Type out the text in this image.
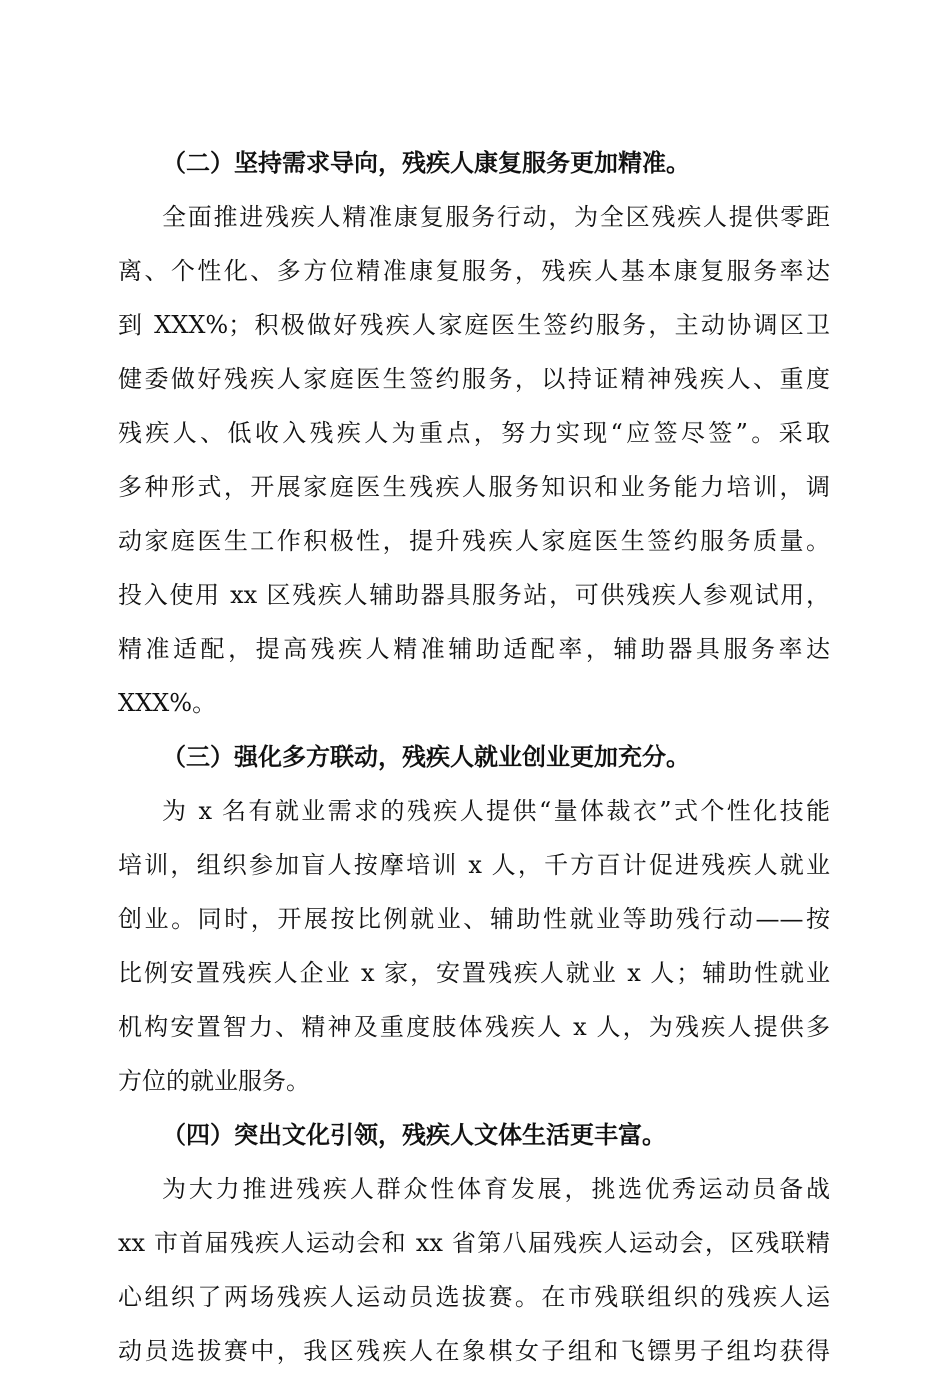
（二）坚持需求导向，残疾人康复服务更加精准。
全面推进残疾人精准康复服务行动，为全区残疾人提供零距
离、个性化、多方位精准康复服务，残疾人基本康复服务率达
到 XXX%；积极做好残疾人家庭医生签约服务，主动协调区卫
健委做好残疾人家庭医生签约服务，以持证精神残疾人、重度
残疾人、低收入残疾人为重点，努力实现“应签尽签”。采取
多种形式，开展家庭医生残疾人服务知识和业务能力培训，调
动家庭医生工作积极性，提升残疾人家庭医生签约服务质量。
投入使用 xx 区残疾人辅助器具服务站，可供残疾人参观试用，
精准适配，提高残疾人精准辅助适配率，辅助器具服务率达
XXX%。
（三）强化多方联动，残疾人就业创业更加充分。
为 x 名有就业需求的残疾人提供“量体裁衣”式个性化技能
培训，组织参加盲人按摩培训 x 人，千方百计促进残疾人就业
创业。同时，开展按比例就业、辅助性就业等助残行动——按
比例安置残疾人企业 x 家，安置残疾人就业 x 人；辅助性就业
机构安置智力、精神及重度肢体残疾人 x 人，为残疾人提供多
方位的就业服务。
（四）突出文化引领，残疾人文体生活更丰富。
为大力推进残疾人群众性体育发展，挑选优秀运动员备战
xx 市首届残疾人运动会和 xx 省第八届残疾人运动会，区残联精
心组织了两场残疾人运动员选拔赛。在市残联组织的残疾人运
动员选拔赛中，我区残疾人在象棋女子组和飞镖男子组均获得
